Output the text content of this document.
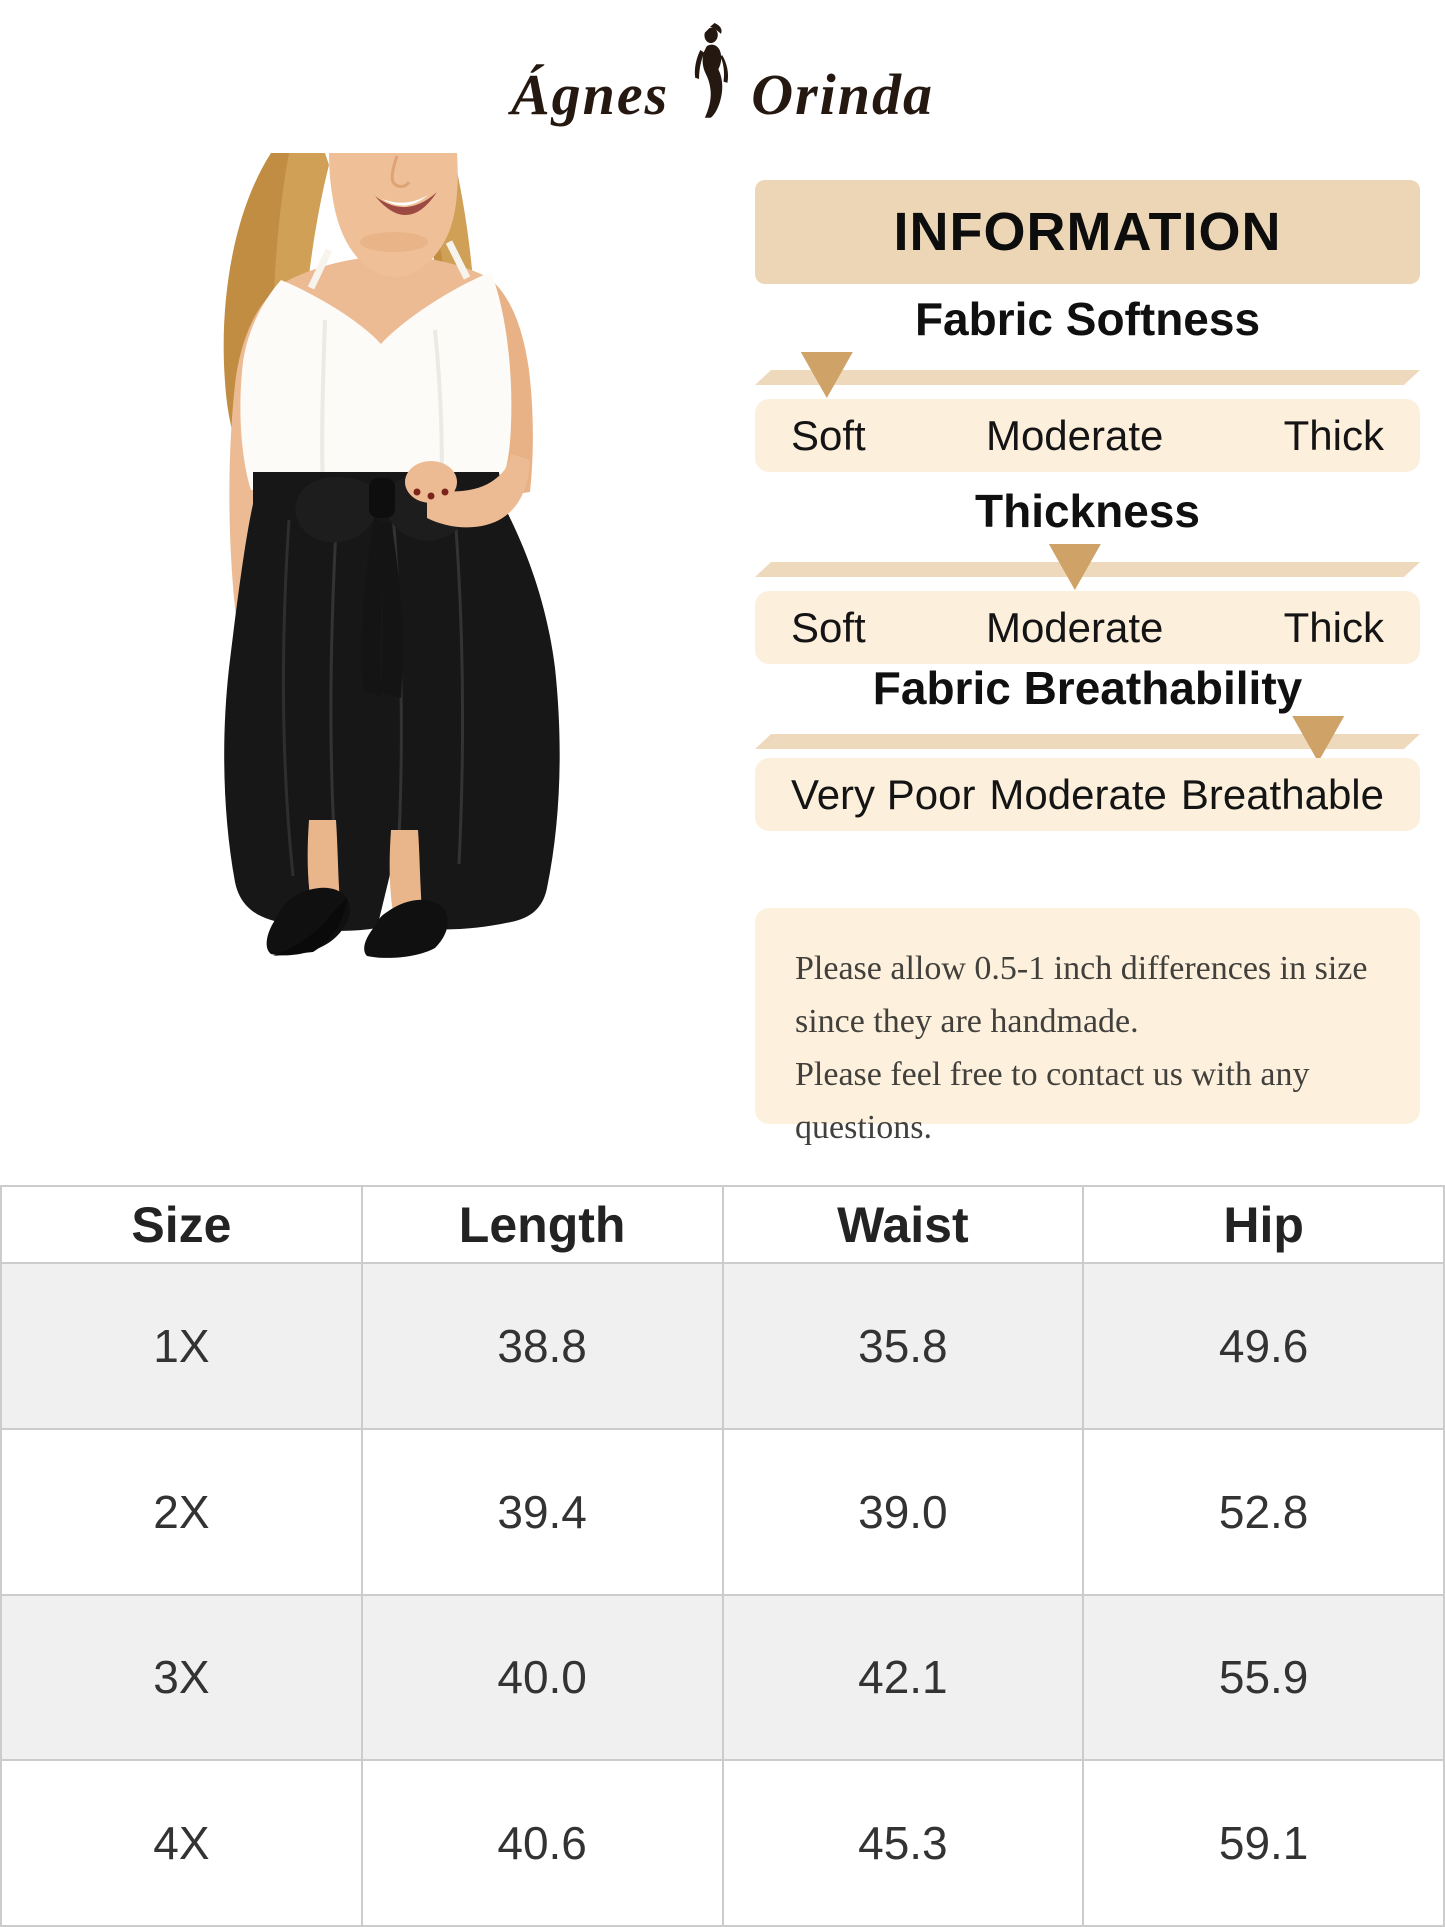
Ágnes Orinda
INFORMATION
Fabric Softness
Soft	Moderate	Thick
Thickness
Soft	Moderate	Thick
Fabric Breathability
Very Poor Moderate Breathable
Please allow 0.5-1 inch differences in size
since they are handmade.
Please feel free to contact us with any questions.
Size	Length	Waist	Hip
1X	38.8	35.8	49.6
2X	39.4	39.0	52.8
3X	40.0	42.1	55.9
4X	40.6	45.3	59.1
